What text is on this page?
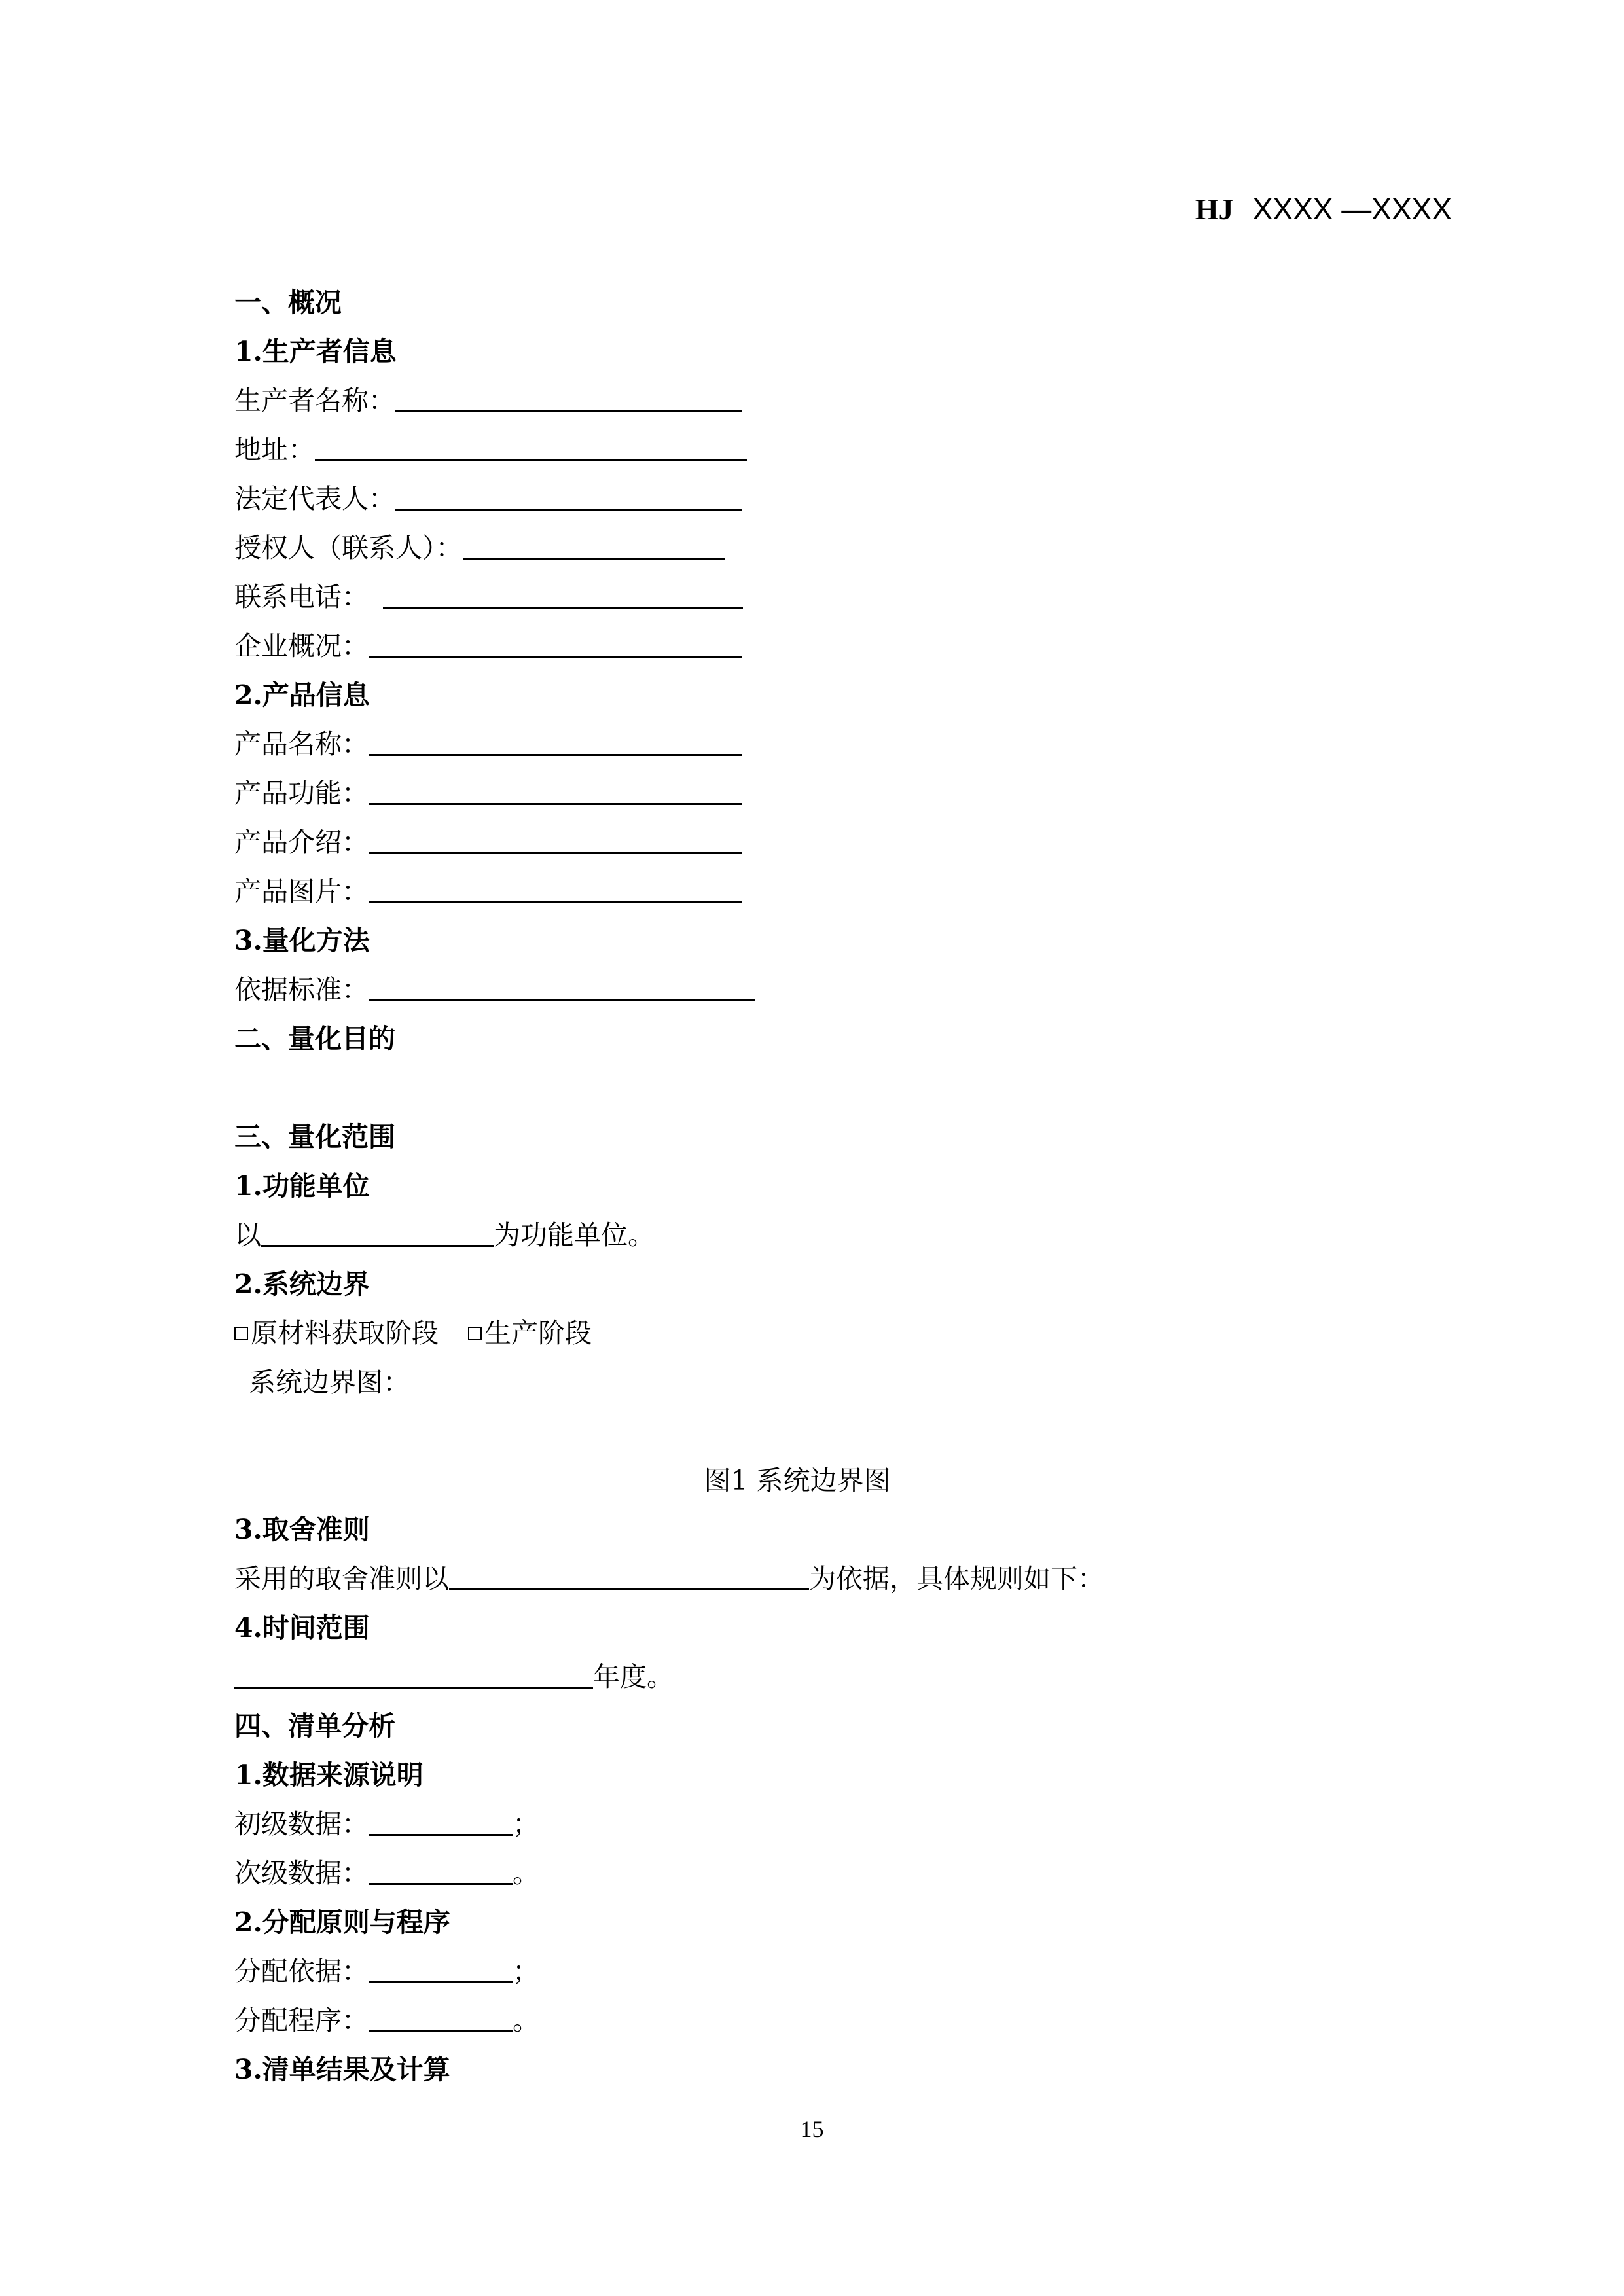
HJ XXXX —XXXX
一、概况
1.生产者信息
生产者名称：
地址：
法定代表人：
授权人（联系人）：
联系电话：
企业概况：
2.产品信息
产品名称：
产品功能：
产品介绍：
产品图片：
3.量化方法
依据标准：
二、量化目的
三、量化范围
1.功能单位
以	为功能单位。
2.系统边界
原材料获取阶段 生产阶段
系统边界图：
图1 系统边界图
3.取舍准则
采用的取舍准则以	为依据，具体规则如下：
4.时间范围
年度。
四、清单分析
1.数据来源说明
初级数据：	；
次级数据：	。
2.分配原则与程序
分配依据：	；
分配程序：	。
3.清单结果及计算
15
